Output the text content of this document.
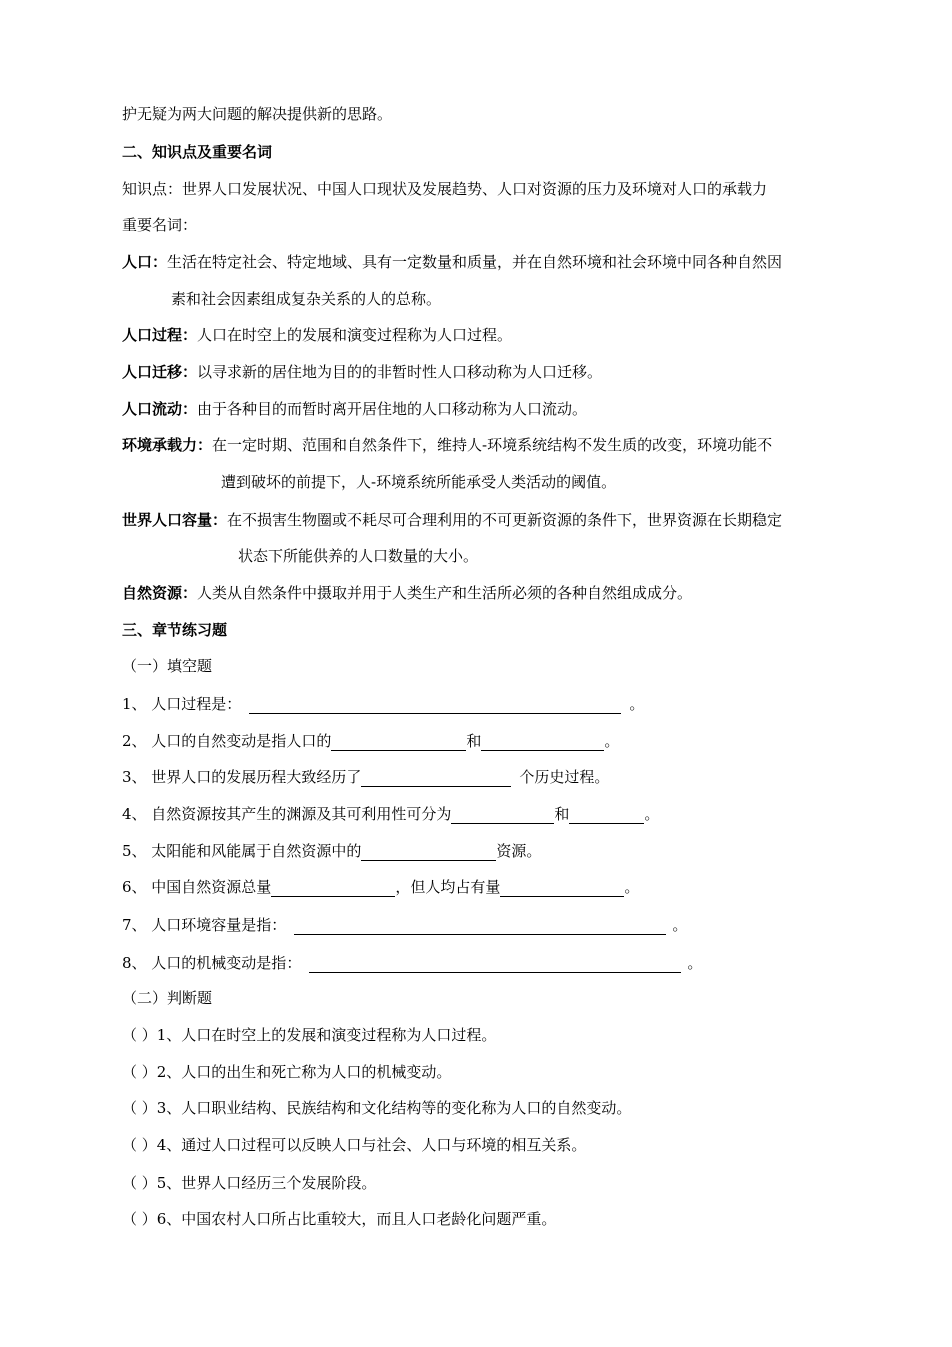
护无疑为两大问题的解决提供新的思路。
二、知识点及重要名词
知识点：世界人口发展状况、中国人口现状及发展趋势、人口对资源的压力及环境对人口的承载力
重要名词：
人口：生活在特定社会、特定地域、具有一定数量和质量，并在自然环境和社会环境中同各种自然因
素和社会因素组成复杂关系的人的总称。
人口过程：人口在时空上的发展和演变过程称为人口过程。
人口迁移：以寻求新的居住地为目的的非暂时性人口移动称为人口迁移。
人口流动：由于各种目的而暂时离开居住地的人口移动称为人口流动。
环境承载力：在一定时期、范围和自然条件下，维持人-环境系统结构不发生质的改变，环境功能不
遭到破坏的前提下，人-环境系统所能承受人类活动的阈值。
世界人口容量：在不损害生物圈或不耗尽可合理利用的不可更新资源的条件下，世界资源在长期稳定
状态下所能供养的人口数量的大小。
自然资源：人类从自然条件中摄取并用于人类生产和生活所必须的各种自然组成成分。
三、章节练习题
（一）填空题
1、 人口过程是：	。
2、 人口的自然变动是指人口的	和	。
3、 世界人口的发展历程大致经历了	个历史过程。
4、 自然资源按其产生的渊源及其可利用性可分为	和	。
5、 太阳能和风能属于自然资源中的	资源。
6、 中国自然资源总量	，但人均占有量	。
7、 人口环境容量是指：	。
8、 人口的机械变动是指：	。
（二）判断题
（ ）1、人口在时空上的发展和演变过程称为人口过程。
（ ）2、人口的出生和死亡称为人口的机械变动。
（ ）3、人口职业结构、民族结构和文化结构等的变化称为人口的自然变动。
（ ）4、通过人口过程可以反映人口与社会、人口与环境的相互关系。
（ ）5、世界人口经历三个发展阶段。
（ ）6、中国农村人口所占比重较大，而且人口老龄化问题严重。
